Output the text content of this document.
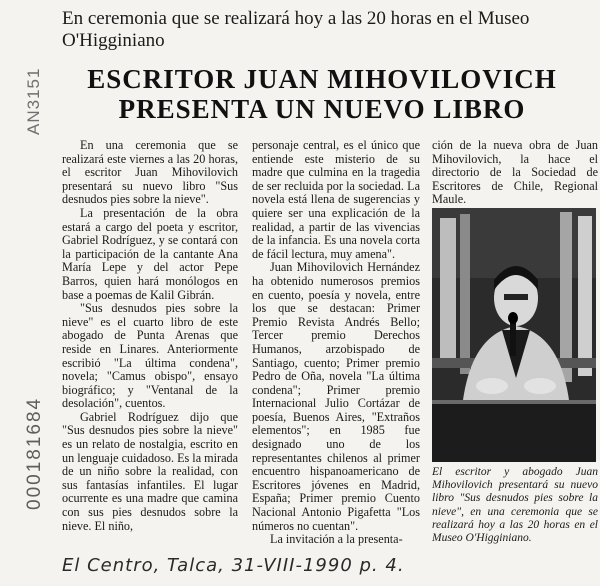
AN3151
000181684
En ceremonia que se realizará hoy a las 20 horas en el Museo O'Higginiano
ESCRITOR JUAN MIHOVILOVICH
PRESENTA UN NUEVO LIBRO

En una ceremonia que se realizará este viernes a las 20 horas, el escritor Juan Mihovilovich presentará su nuevo libro "Sus desnudos pies sobre la nieve".

La presentación de la obra estará a cargo del poeta y escritor, Gabriel Rodríguez, y se contará con la participación de la cantante Ana María Lepe y del actor Pepe Barros, quien hará monólogos en base a poemas de Kalil Gibrán.

"Sus desnudos pies sobre la nieve" es el cuarto libro de este abogado de Punta Arenas que reside en Linares. Anteriormente escribió "La última condena", novela; "Camus obispo", ensayo biográfico; y "Ventanal de la desolación", cuentos.

Gabriel Rodríguez dijo que "Sus desnudos pies sobre la nieve" es un relato de nostalgia, escrito en un lenguaje cuidadoso. Es la mirada de un niño sobre la realidad, con sus fantasías infantiles. El lugar ocurrente es una madre que camina con sus pies desnudos sobre la nieve. El niño,

personaje central, es el único que entiende este misterio de su madre que culmina en la tragedia de ser recluida por la sociedad. La novela está llena de sugerencias y quiere ser una explicación de la realidad, a partir de las vivencias de la infancia. Es una novela corta de fácil lectura, muy amena".

Juan Mihovilovich Hernández ha obtenido numerosos premios en cuento, poesía y novela, entre los que se destacan: Primer Premio Revista Andrés Bello; Tercer premio Derechos Humanos, arzobispado de Santiago, cuento; Primer premio Pedro de Oña, novela "La última condena"; Primer premio Internacional Julio Cortázar de poesía, Buenos Aires, "Extraños elementos"; en 1985 fue designado uno de los representantes chilenos al primer encuentro hispanoamericano de Escritores jóvenes en Madrid, España; Primer premio Cuento Nacional Antonio Pigafetta "Los números no cuentan".

La invitación a la presenta-

ción de la nueva obra de Juan Mihovilovich, la hace el directorio de la Sociedad de Escritores de Chile, Regional Maule.

El escritor y abogado Juan Mihovilovich presentará su nuevo libro "Sus desnudos pies sobre la nieve", en una ceremonia que se realizará hoy a las 20 horas en el Museo O'Higginiano.
El Centro, Talca, 31-VIII-1990 p. 4.
